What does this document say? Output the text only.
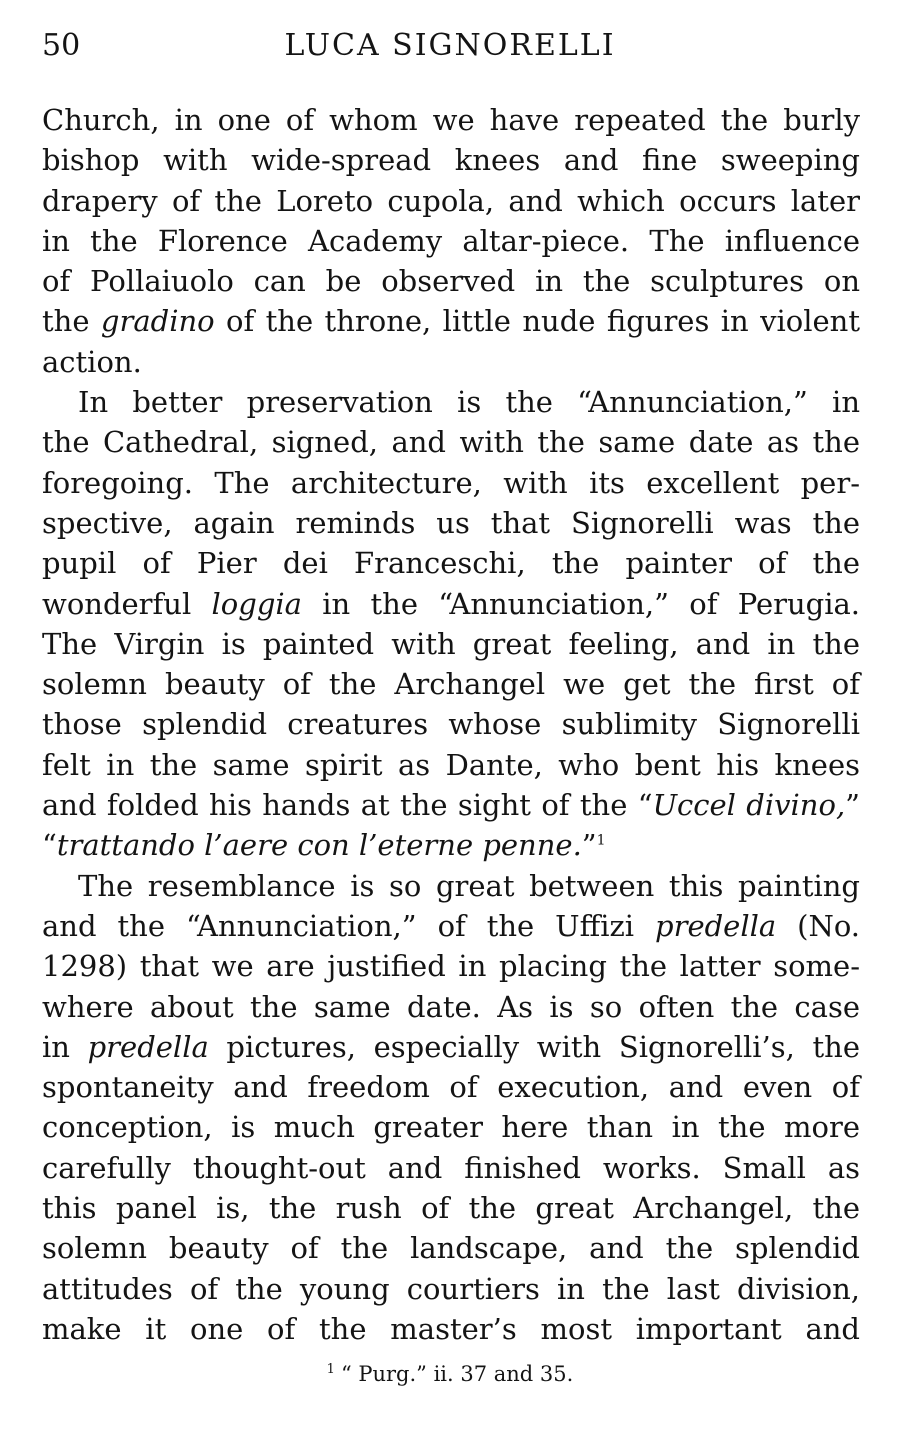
50	LUCA SIGNORELLI
Church, in one of whom we have repeated the burly
bishop with wide-spread knees and fine sweeping
drapery of the Loreto cupola, and which occurs later
in the Florence Academy altar-piece. The influence
of Pollaiuolo can be observed in the sculptures on
the gradino of the throne, little nude figures in violent
action.
In better preservation is the “Annunciation,” in
the Cathedral, signed, and with the same date as the
foregoing. The architecture, with its excellent per-
spective, again reminds us that Signorelli was the
pupil of Pier dei Franceschi, the painter of the
wonderful loggia in the “Annunciation,” of Perugia.
The Virgin is painted with great feeling, and in the
solemn beauty of the Archangel we get the first of
those splendid creatures whose sublimity Signorelli
felt in the same spirit as Dante, who bent his knees
and folded his hands at the sight of the “Uccel divino,”
“trattando l’aere con l’eterne penne.”$^1$
The resemblance is so great between this painting
and the “Annunciation,” of the Uffizi predella (No.
1298) that we are justified in placing the latter some-
where about the same date. As is so often the case
in predella pictures, especially with Signorelli’s, the
spontaneity and freedom of execution, and even of
conception, is much greater here than in the more
carefully thought-out and finished works. Small as
this panel is, the rush of the great Archangel, the
solemn beauty of the landscape, and the splendid
attitudes of the young courtiers in the last division,
make it one of the master’s most important and
$^1$ “ Purg.” ii. 37 and 35.
